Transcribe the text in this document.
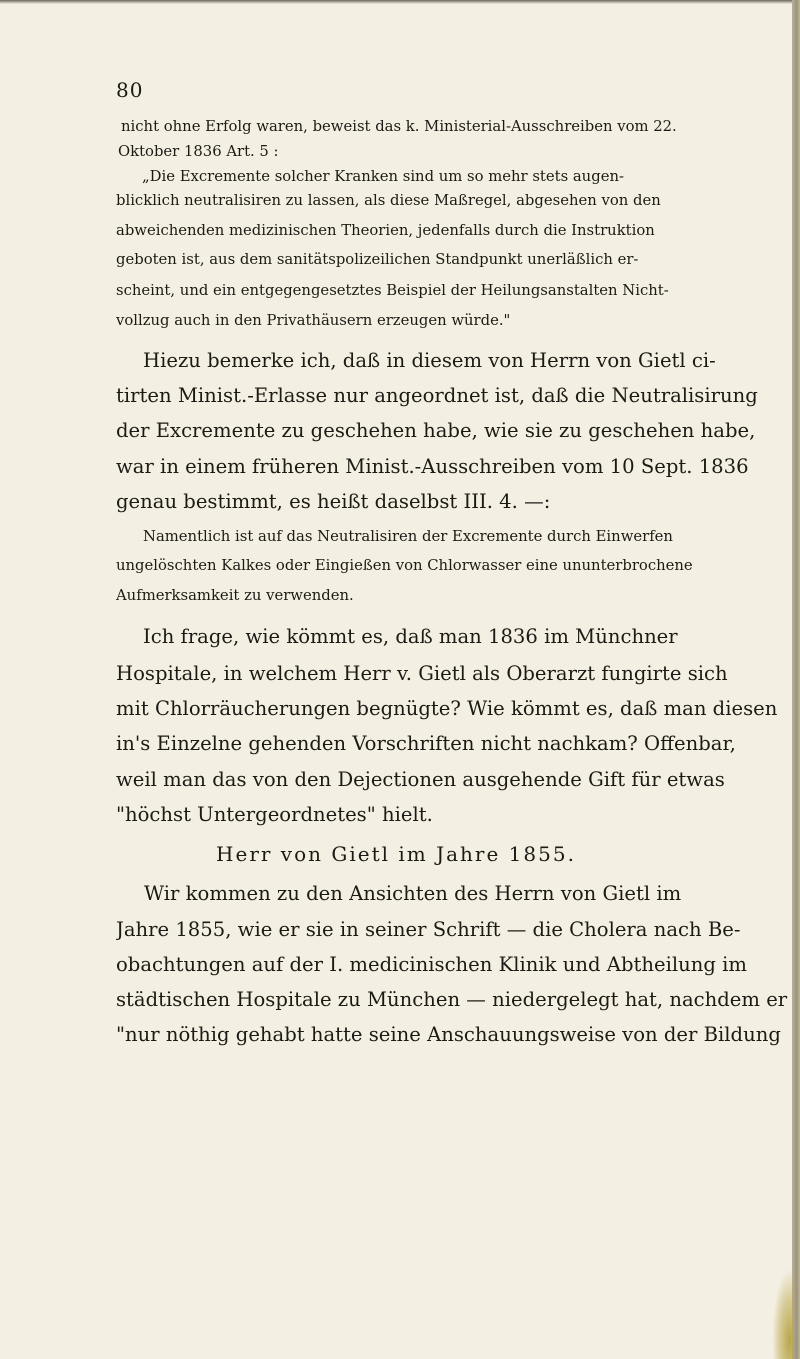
80
nicht ohne Erfolg waren, beweist das k. Ministerial-Ausschreiben vom 22.
Oktober 1836 Art. 5 :
„Die Excremente solcher Kranken sind um so mehr stets augen-
blicklich neutralisiren zu lassen, als diese Maßregel, abgesehen von den
abweichenden medizinischen Theorien, jedenfalls durch die Instruktion
geboten ist, aus dem sanitätspolizeilichen Standpunkt unerläßlich er-
scheint, und ein entgegengesetztes Beispiel der Heilungsanstalten Nicht-
Hiezu bemerke ich, daß in diesem von Herrn von Gietl ci-
tirten Minist.-Erlasse nur angeordnet ist, daß die Neutralisirung
der Excremente zu geschehen habe, wie sie zu geschehen habe,
war in einem früheren Minist.-Ausschreiben vom 10 Sept. 1836
genau bestimmt, es heißt daselbst III. 4. —:
Namentlich ist auf das Neutralisiren der Excremente durch Einwerfen
ungelöschten Kalkes oder Eingießen von Chlorwasser eine ununterbrochene
Aufmerksamkeit zu verwenden.
Ich frage, wie kömmt es, daß man 1836 im Münchner
Hospitale, in welchem Herr v. Gietl als Oberarzt fungirte sich
mit Chlorräucherungen begnügte? Wie kömmt es, daß man diesen
in's Einzelne gehenden Vorschriften nicht nachkam? Offenbar,
weil man das von den Dejectionen ausgehende Gift für etwas
"höchst Untergeordnetes" hielt.
Herr von Gietl im Jahre 1855.
Wir kommen zu den Ansichten des Herrn von Gietl im
Jahre 1855, wie er sie in seiner Schrift — die Cholera nach Be-
obachtungen auf der I. medicinischen Klinik und Abtheilung im
städtischen Hospitale zu München — niedergelegt hat, nachdem er
"nur nöthig gehabt hatte seine Anschauungsweise von der Bildung
vollzug auch in den Privathäusern erzeugen würde."
